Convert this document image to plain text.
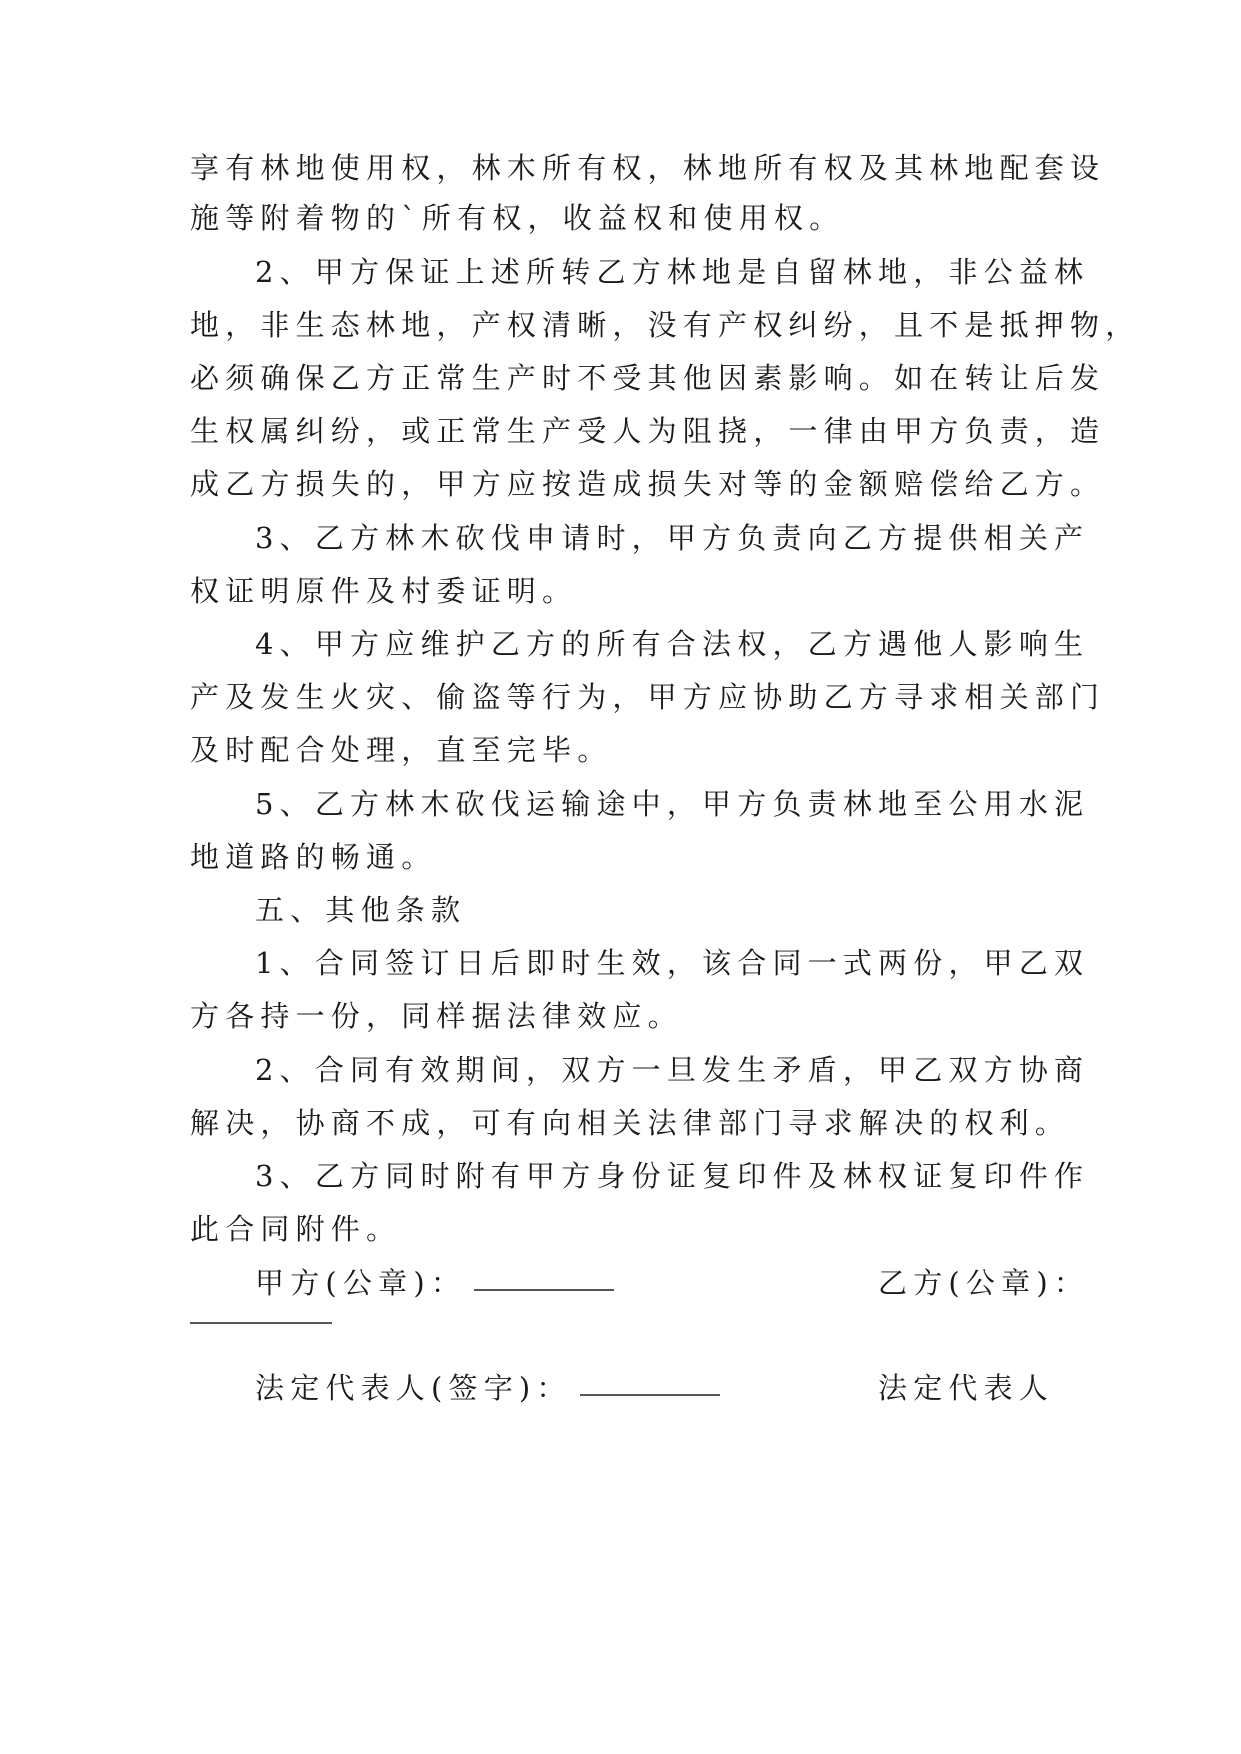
享有林地使用权，林木所有权，林地所有权及其林地配套设
施等附着物的`所有权，收益权和使用权。
2、甲方保证上述所转乙方林地是自留林地，非公益林
地，非生态林地，产权清晰，没有产权纠纷，且不是抵押物，
必须确保乙方正常生产时不受其他因素影响。如在转让后发
生权属纠纷，或正常生产受人为阻挠，一律由甲方负责，造
成乙方损失的，甲方应按造成损失对等的金额赔偿给乙方。
3、乙方林木砍伐申请时，甲方负责向乙方提供相关产
权证明原件及村委证明。
4、甲方应维护乙方的所有合法权，乙方遇他人影响生
产及发生火灾、偷盗等行为，甲方应协助乙方寻求相关部门
及时配合处理，直至完毕。
5、乙方林木砍伐运输途中，甲方负责林地至公用水泥
地道路的畅通。
五、其他条款
1、合同签订日后即时生效，该合同一式两份，甲乙双
方各持一份，同样据法律效应。
2、合同有效期间，双方一旦发生矛盾，甲乙双方协商
解决，协商不成，可有向相关法律部门寻求解决的权利。
3、乙方同时附有甲方身份证复印件及林权证复印件作
此合同附件。
甲方(公章)：	乙方(公章)：
法定代表人(签字)：	法定代表人
